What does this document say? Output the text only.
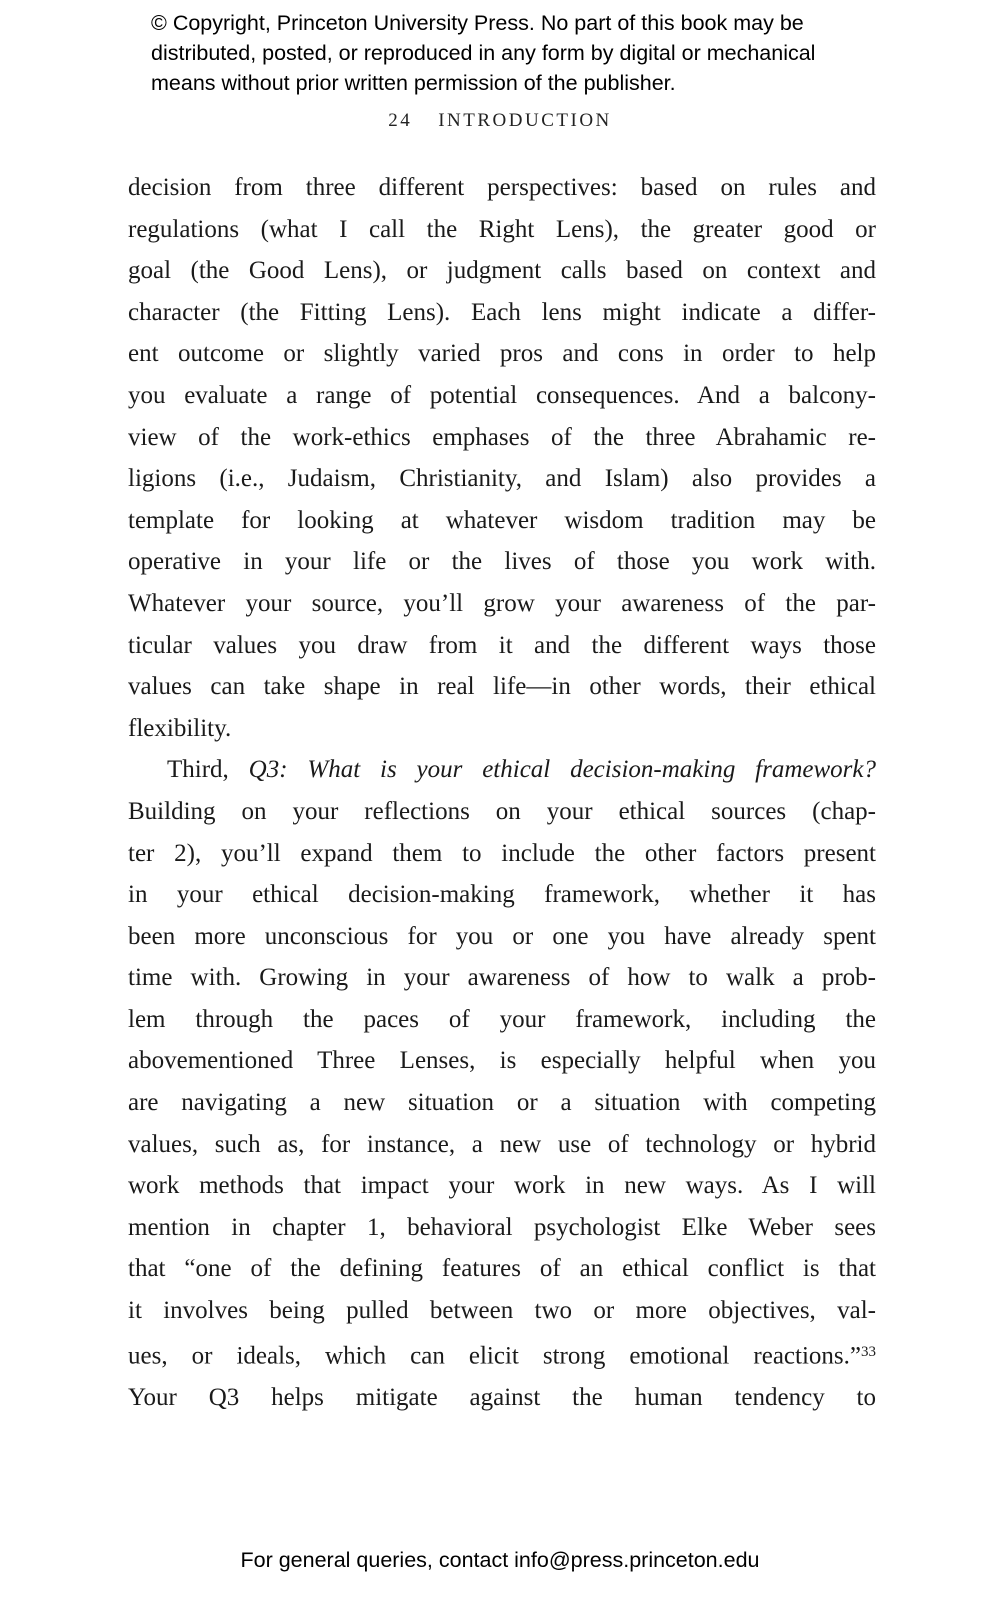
© Copyright, Princeton University Press. No part of this book may be
distributed, posted, or reproduced in any form by digital or mechanical
means without prior written permission of the publisher.
24 INTRODUCTION
decision from three different perspectives: based on rules and
regulations (what I call the Right Lens), the greater good or
goal (the Good Lens), or judgment calls based on context and
character (the Fitting Lens). Each lens might indicate a differ-
ent outcome or slightly varied pros and cons in order to help
you evaluate a range of potential consequences. And a balcony-
view of the work-ethics emphases of the three Abrahamic re-
ligions (i.e., Judaism, Christianity, and Islam) also provides a
template for looking at whatever wisdom tradition may be
operative in your life or the lives of those you work with.
Whatever your source, you’ll grow your awareness of the par-
ticular values you draw from it and the different ways those
values can take shape in real life—in other words, their ethical
flexibility.
Third, Q3: What is your ethical decision-making framework?
Building on your reflections on your ethical sources (chap-
ter 2), you’ll expand them to include the other factors present
in your ethical decision-making framework, whether it has
been more unconscious for you or one you have already spent
time with. Growing in your awareness of how to walk a prob-
lem through the paces of your framework, including the
abovementioned Three Lenses, is especially helpful when you
are navigating a new situation or a situation with competing
values, such as, for instance, a new use of technology or hybrid
work methods that impact your work in new ways. As I will
mention in chapter 1, behavioral psychologist Elke Weber sees
that “one of the defining features of an ethical conflict is that
it involves being pulled between two or more objectives, val-
ues, or ideals, which can elicit strong emotional reactions.”$^{33}$
Your Q3 helps mitigate against the human tendency to
For general queries, contact info@press.princeton.edu
